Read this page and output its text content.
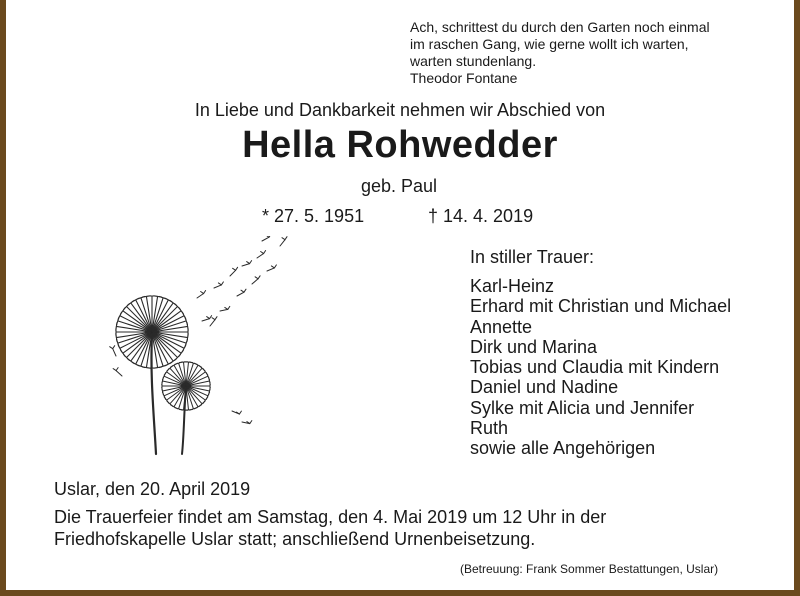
Ach, schrittest du durch den Garten noch einmal
im raschen Gang, wie gerne wollt ich warten,
warten stundenlang.
Theodor Fontane
In Liebe und Dankbarkeit nehmen wir Abschied von
Hella Rohwedder
geb. Paul
* 27. 5. 1951	† 14. 4. 2019
In stiller Trauer:
Karl-Heinz
Erhard mit Christian und Michael
Annette
Dirk und Marina
Tobias und Claudia mit Kindern
Daniel und Nadine
Sylke mit Alicia und Jennifer
Ruth
sowie alle Angehörigen
Uslar, den 20. April 2019
Die Trauerfeier findet am Samstag, den 4. Mai 2019 um 12 Uhr in der
Friedhofskapelle Uslar statt; anschließend Urnenbeisetzung.
(Betreuung: Frank Sommer Bestattungen, Uslar)
